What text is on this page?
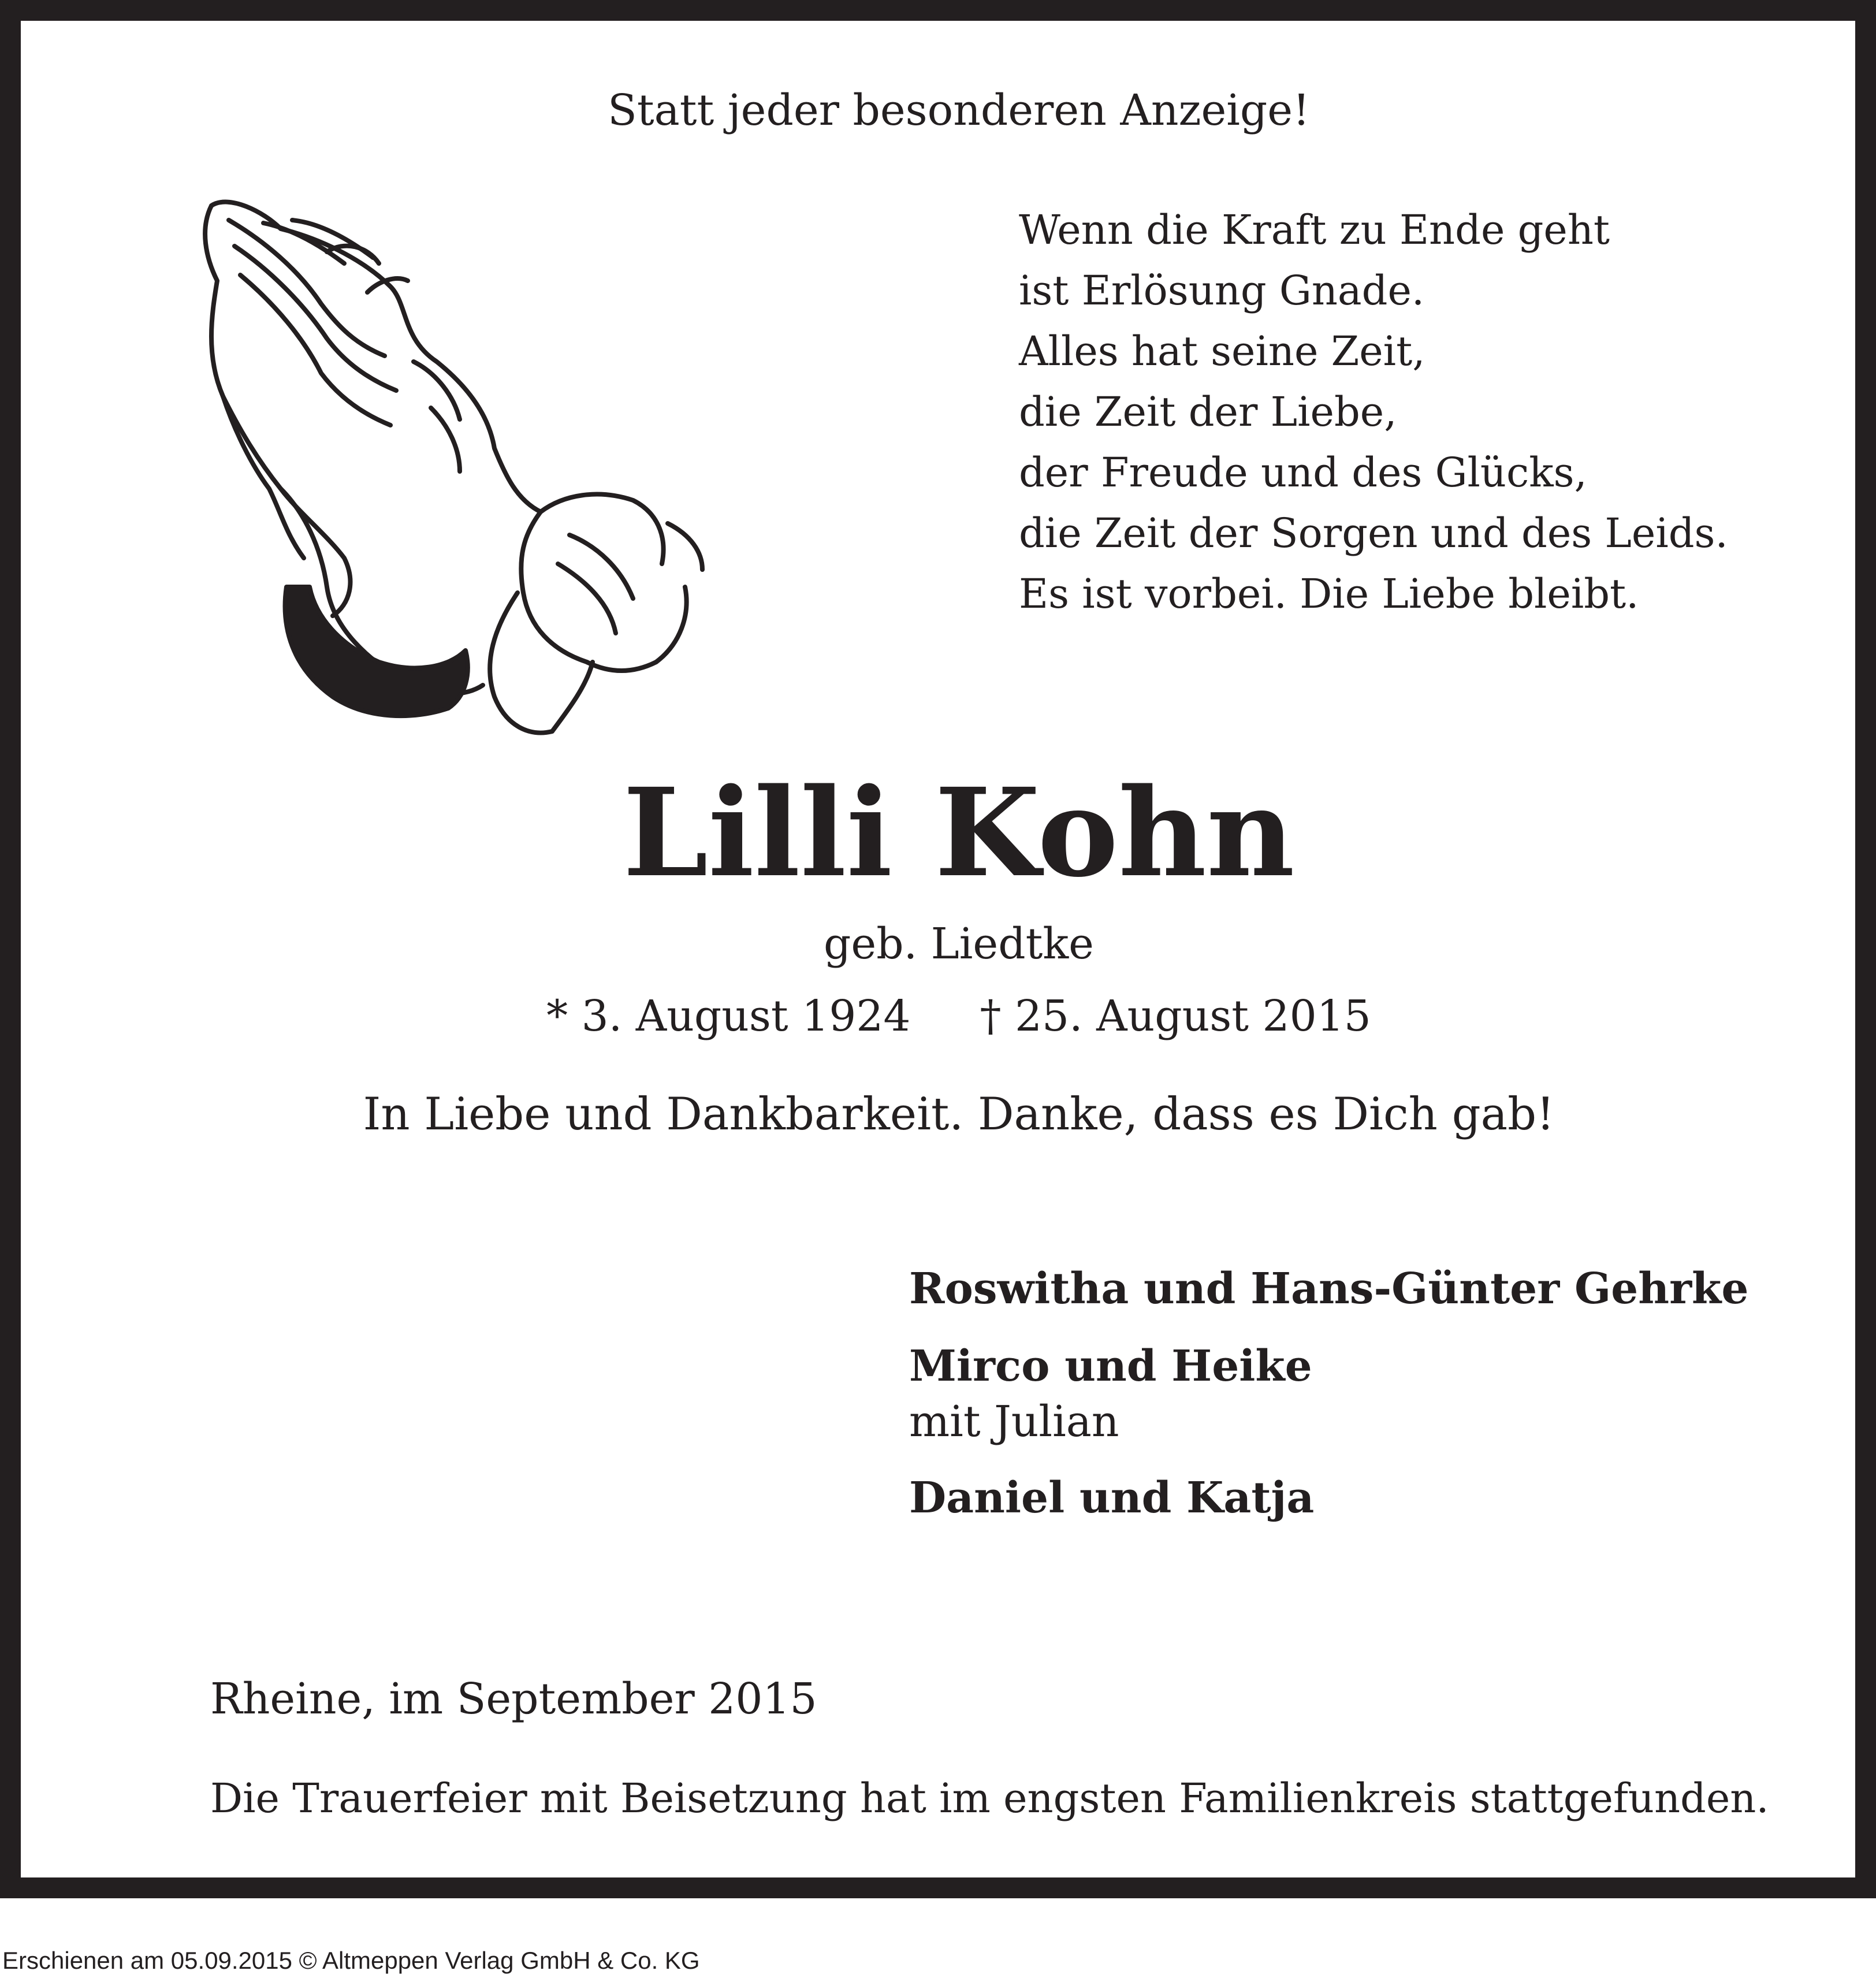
Statt jeder besonderen Anzeige!
Wenn die Kraft zu Ende geht
ist Erlösung Gnade.
Alles hat seine Zeit,
die Zeit der Liebe,
der Freude und des Glücks,
die Zeit der Sorgen und des Leids.
Es ist vorbei. Die Liebe bleibt.
Lilli Kohn
geb. Liedtke
* 3. August 1924 † 25. August 2015
In Liebe und Dankbarkeit. Danke, dass es Dich gab!
Roswitha und Hans-Günter Gehrke
Mirco und Heike
mit Julian
Daniel und Katja
Rheine, im September 2015
Die Trauerfeier mit Beisetzung hat im engsten Familienkreis stattgefunden.
Erschienen am 05.09.2015 © Altmeppen Verlag GmbH & Co. KG
